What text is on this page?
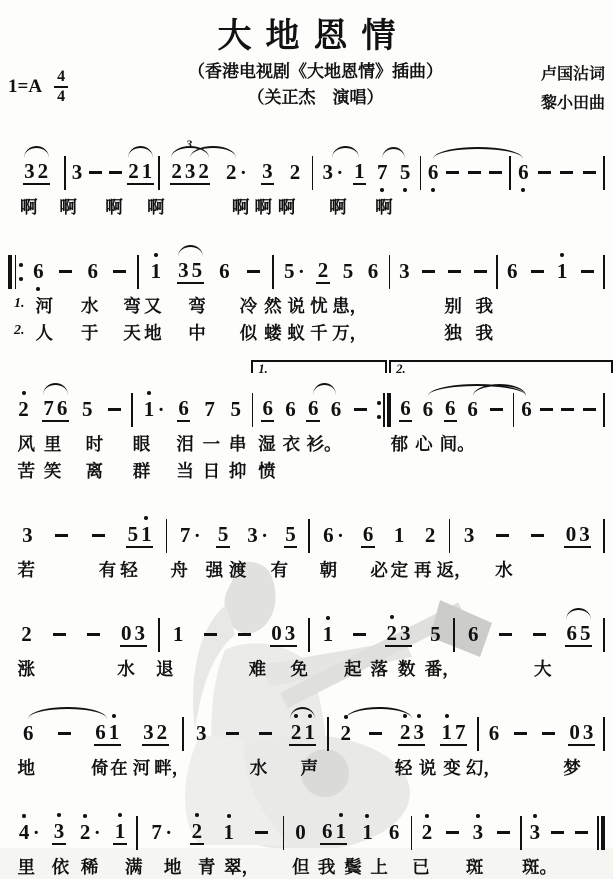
大地恩情
$1=A \frac{4}{4}$	（香港电视剧《大地恩情》插曲）
（关正杰　演唱）
卢国沾词
黎小田曲
3 2 3 2 1 2 3 2 2 · 3 2 3 · 1 7 5 6	6
啊 啊 啊 啊	啊 啊 啊 啊 啊
3
6 6	1 3 5 6	5 · 2 5 6 3	6 1
1. 河 水 弯 又 弯 冷 然 说 忧 患，	别 我
2. 人 于 天 地 中 似 蝼 蚁 千 万，	独 我
2 7 6 5 1 · 6 7 5 6 6 6 6	6 6 6 6 6
风 里 时 眼 泪 一 串 湿 衣 衫。	郁 心 间。
苦 笑 离 群 当 日 抑 愤
1.	2.
3	5 1 7 · 5 3 · 5 6 · 6 1 2 3	0 3
若	有 轻 舟 强 渡 有 朝 必 定 再 返， 水
2	0 3 1	0 3 1	2 3 5 6	6 5
涨	水 退	难 免 起 落 数 番，	大
6	6 1 3 2 3	2 1 2 2 3 1 7 6	0 3
地	倚 在 河 畔，	水 声	轻 说 变 幻，	梦
4 · 3 2 · 1 7 · 2 1	0 6 1 1 6 2 3 3
里 依 稀 满 地 青 翠， 但 我 鬓 上 已 斑 斑。
